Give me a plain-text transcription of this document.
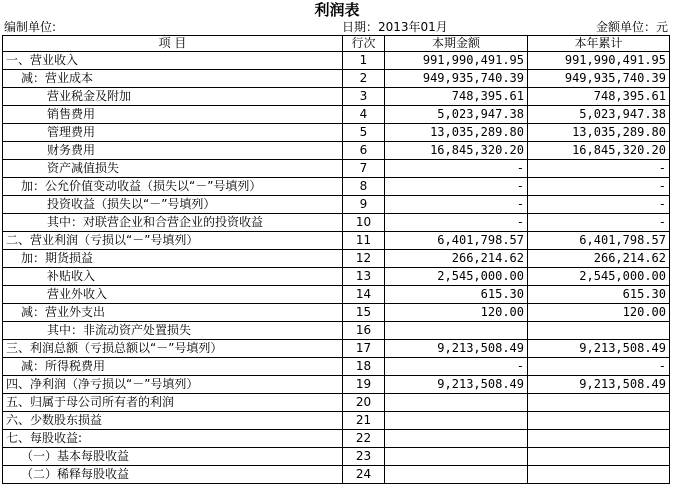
利润表
编制单位:	日期：2013年01月	金额单位：元
项 目	行次	本期金额	本年累计
一、营业收入	1	991,990,491.95	991,990,491.95
减：营业成本	2	949,935,740.39	949,935,740.39
营业税金及附加	3	748,395.61	748,395.61
销售费用	4	5,023,947.38	5,023,947.38
管理费用	5	13,035,289.80	13,035,289.80
财务费用	6	16,845,320.20	16,845,320.20
资产减值损失	7	-	-
加：公允价值变动收益（损失以“－”号填列）	8	-	-
投资收益（损失以“－”号填列）	9	-	-
其中：对联营企业和合营企业的投资收益	10	-	-
二、营业利润（亏损以“－”号填列）	11	6,401,798.57	6,401,798.57
加：期货损益	12	266,214.62	266,214.62
补贴收入	13	2,545,000.00	2,545,000.00
营业外收入	14	615.30	615.30
减：营业外支出	15	120.00	120.00
其中：非流动资产处置损失	16		
三、利润总额（亏损总额以“－”号填列）	17	9,213,508.49	9,213,508.49
减：所得税费用	18	-	-
四、净利润（净亏损以“－”号填列）	19	9,213,508.49	9,213,508.49
五、归属于母公司所有者的利润	20		
六、少数股东损益	21		
七、每股收益:	22		
（一）基本每股收益	23		
（二）稀释每股收益	24		
